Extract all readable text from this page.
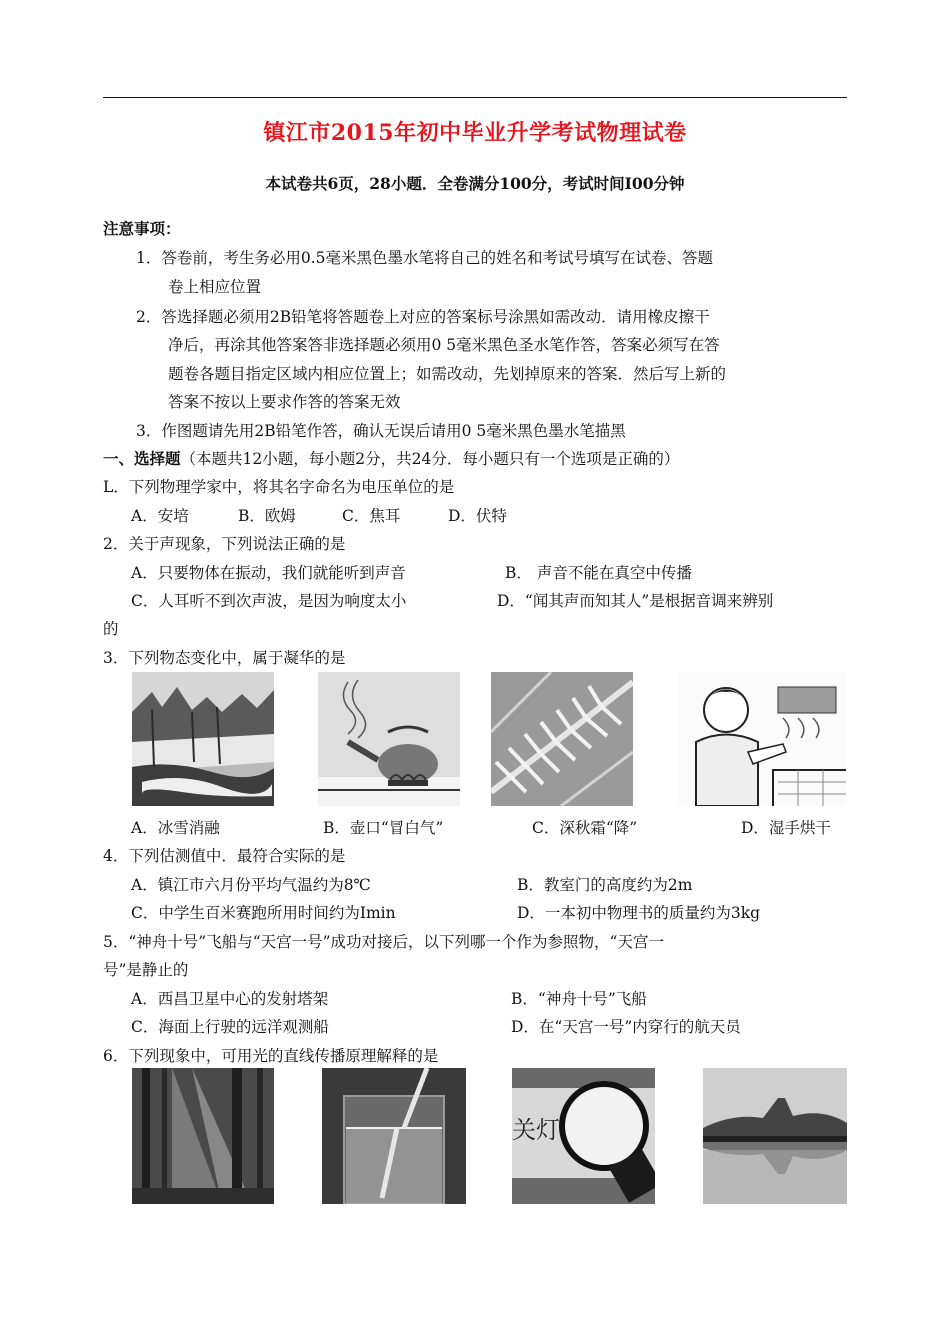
镇江市2015年初中毕业升学考试物理试卷
本试卷共6页，28小题．全卷满分100分，考试时间I00分钟
注意事项：
1．答卷前，考生务必用0.5毫米黑色墨水笔将自己的姓名和考试号填写在试卷、答题
卷上相应位置
2．答选择题必须用2B铅笔将答题卷上对应的答案标号涂黑如需改动．请用橡皮擦干
净后，再涂其他答案答非选择题必须用0 5毫米黑色圣水笔作答，答案必须写在答
题卷各题目指定区域内相应位置上；如需改动，先划掉原来的答案．然后写上新的
答案不按以上要求作答的答案无效
3．作图题请先用2B铅笔作答，确认无误后请用0 5毫米黑色墨水笔描黑
一、选择题（本题共12小题，每小题2分，共24分．每小题只有一个选项是正确的）
L．下列物理学家中，将其名字命名为电压单位的是
A．安培	B．欧姆	C．焦耳	D．伏特
2．关于声现象，下列说法正确的是
A．只要物体在振动，我们就能听到声音	B． 声音不能在真空中传播
C．人耳听不到次声波，是因为响度太小	D．“闻其声而知其人”是根据音调来辨别
的
3．下列物态变化中，属于凝华的是
A．冰雪消融	B．壶口“冒白气”	C．深秋霜“降”	D．湿手烘干
4．下列估测值中．最符合实际的是
A．镇江市六月份平均气温约为8℃	B．教室门的高度约为2m
C．中学生百米赛跑所用时间约为Imin	D．一本初中物理书的质量约为3kg
5．“神舟十号”飞船与“天宫一号”成功对接后，以下列哪一个作为参照物，“天宫一
号”是静止的
A．西昌卫星中心的发射塔架	B．“神舟十号”飞船
C．海面上行驶的远洋观测船	D．在“天宫一号”内穿行的航天员
6．下列现象中，可用光的直线传播原理解释的是
关灯
